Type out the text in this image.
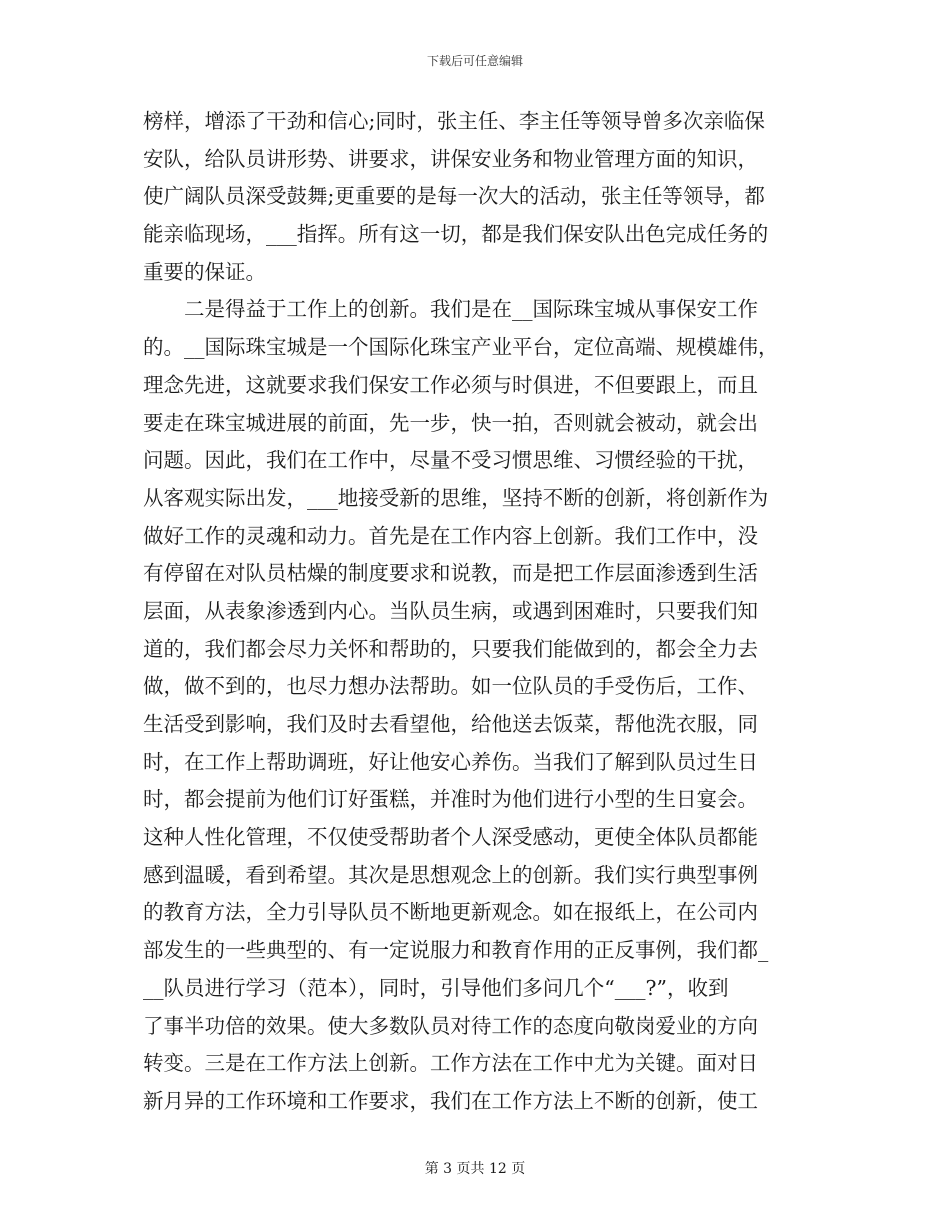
下载后可任意编辑
榜样，增添了干劲和信心;同时，张主任、李主任等领导曾多次亲临保
安队，给队员讲形势、讲要求，讲保安业务和物业管理方面的知识，
使广阔队员深受鼓舞;更重要的是每一次大的活动，张主任等领导，都
能亲临现场，___指挥。所有这一切，都是我们保安队出色完成任务的
重要的保证。
　　二是得益于工作上的创新。我们是在__国际珠宝城从事保安工作
的。__国际珠宝城是一个国际化珠宝产业平台，定位高端、规模雄伟，
理念先进，这就要求我们保安工作必须与时俱进，不但要跟上，而且
要走在珠宝城进展的前面，先一步，快一拍，否则就会被动，就会出
问题。因此，我们在工作中，尽量不受习惯思维、习惯经验的干扰，
从客观实际出发，___地接受新的思维，坚持不断的创新，将创新作为
做好工作的灵魂和动力。首先是在工作内容上创新。我们工作中，没
有停留在对队员枯燥的制度要求和说教，而是把工作层面渗透到生活
层面，从表象渗透到内心。当队员生病，或遇到困难时，只要我们知
道的，我们都会尽力关怀和帮助的，只要我们能做到的，都会全力去
做，做不到的，也尽力想办法帮助。如一位队员的手受伤后，工作、
生活受到影响，我们及时去看望他，给他送去饭菜，帮他洗衣服，同
时，在工作上帮助调班，好让他安心养伤。当我们了解到队员过生日
时，都会提前为他们订好蛋糕，并准时为他们进行小型的生日宴会。
这种人性化管理，不仅使受帮助者个人深受感动，更使全体队员都能
感到温暖，看到希望。其次是思想观念上的创新。我们实行典型事例
的教育方法，全力引导队员不断地更新观念。如在报纸上，在公司内
部发生的一些典型的、有一定说服力和教育作用的正反事例，我们都_
__队员进行学习（范本），同时，引导他们多问几个“___?”，收到
了事半功倍的效果。使大多数队员对待工作的态度向敬岗爱业的方向
转变。三是在工作方法上创新。工作方法在工作中尤为关键。面对日
新月异的工作环境和工作要求，我们在工作方法上不断的创新，使工
第 3 页共 12 页
